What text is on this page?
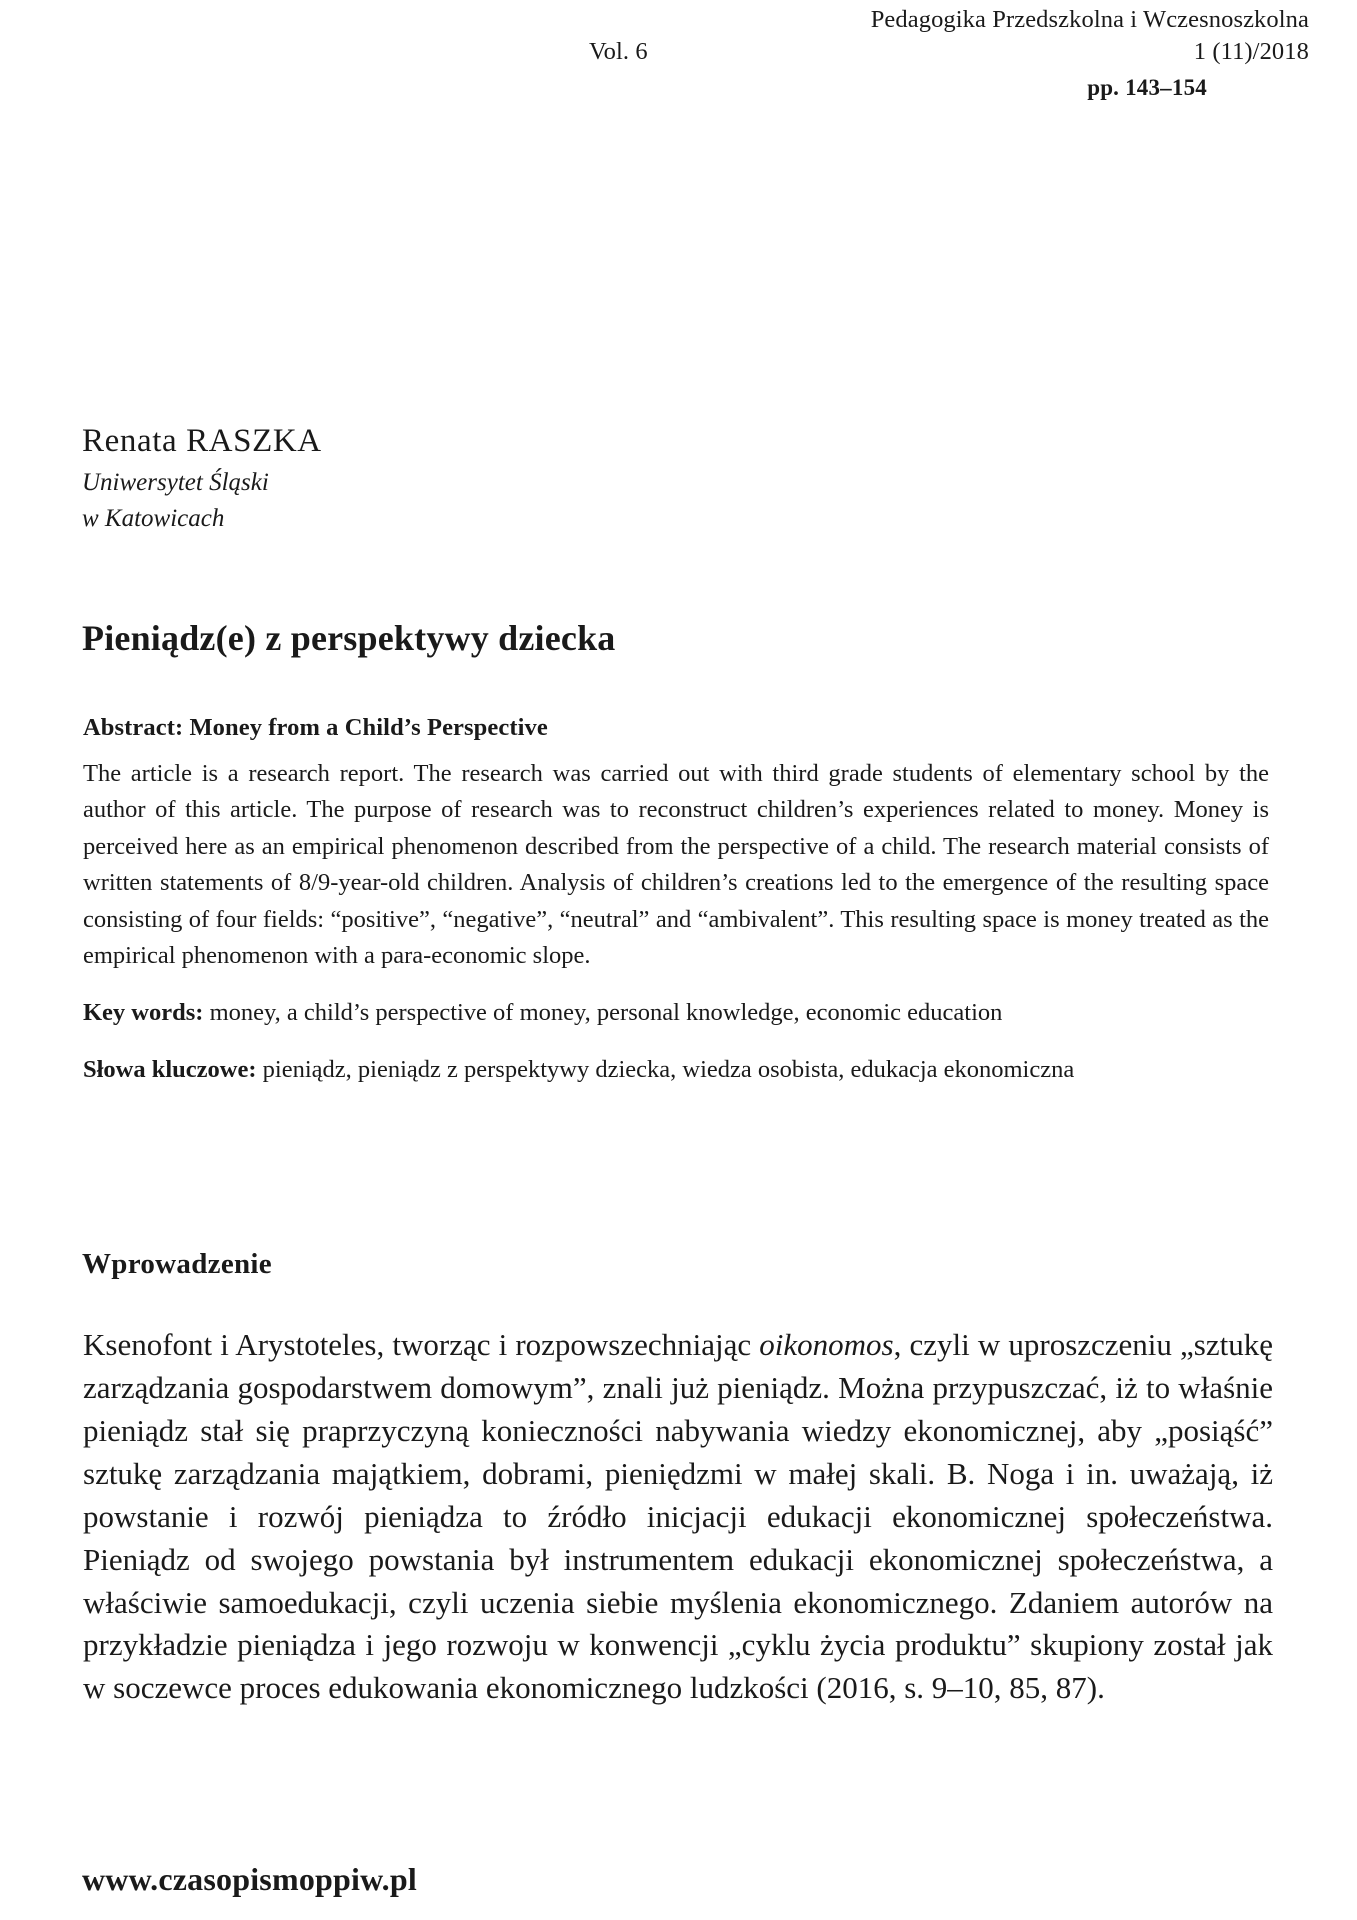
Pedagogika Przedszkolna i Wczesnoszkolna
Vol. 6	1 (11)/2018
pp. 143–154

Renata RASZKA

Uniwersytet Śląski

w Katowicach

Pieniądz(e) z perspektywy dziecka

Abstract: Money from a Child’s Perspective

The article is a research report. The research was carried out with third grade students of elementary school by the author of this article. The purpose of research was to reconstruct children’s experiences related to money. Money is perceived here as an empirical phenomenon described from the perspective of a child. The research material consists of written statements of 8/9-year-old children. Analysis of children’s creations led to the emergence of the resulting space consisting of four fields: “positive”, “negative”, “neutral” and “ambivalent”. This resulting space is money treated as the empirical phenomenon with a para-economic slope.

Key words: money, a child’s perspective of money, personal knowledge, economic education

Słowa kluczowe: pieniądz, pieniądz z perspektywy dziecka, wiedza osobista, edukacja ekonomiczna

Wprowadzenie

Ksenofont i Arystoteles, tworząc i rozpowszechniając oikonomos, czyli w uproszczeniu „sztukę zarządzania gospodarstwem domowym”, znali już pieniądz. Można przypuszczać, iż to właśnie pieniądz stał się praprzyczyną konieczności nabywania wiedzy ekonomicznej, aby „posiąść” sztukę zarządzania majątkiem, dobrami, pieniędzmi w małej skali. B. Noga i in. uważają, iż powstanie i rozwój pieniądza to źródło inicjacji edukacji ekonomicznej społeczeństwa. Pieniądz od swojego powstania był instrumentem edukacji ekonomicznej społeczeństwa, a właściwie samoedukacji, czyli uczenia siebie myślenia ekonomicznego. Zdaniem autorów na przykładzie pieniądza i jego rozwoju w konwencji „cyklu życia produktu” skupiony został jak w soczewce proces edukowania ekonomicznego ludzkości (2016, s. 9–10, 85, 87).

www.czasopismoppiw.pl
